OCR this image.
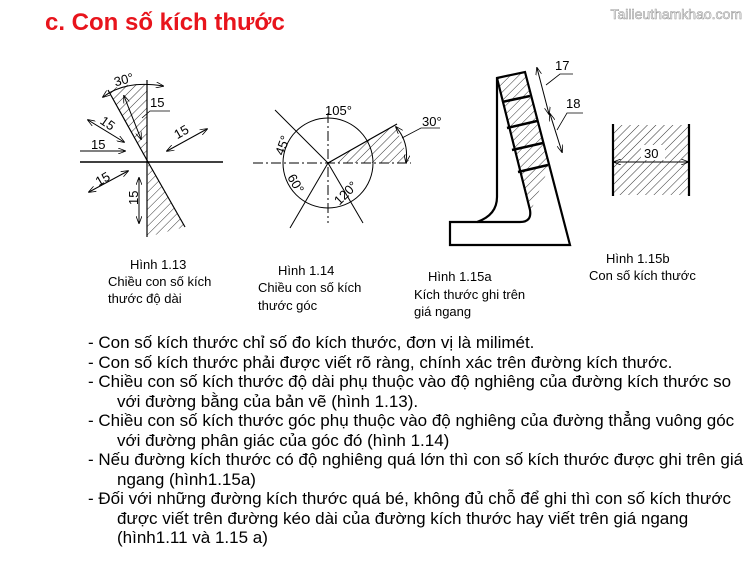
c. Con số kích thước	Tailieuthamkhao.com
30°
15
15	15
15
15
15
105°
45°
60° 120°
30°
17
18
30
Hình 1.13
Chiều con số kích
thước độ dài
Hình 1.14
Chiều con số kích
thước góc
Hình 1.15a
Kích thước ghi trên
giá ngang
Hình 1.15b
Con số kích thước
- Con số kích thước chỉ số đo kích thước, đơn vị là milimét.
- Con số kích thước phải được viết rõ ràng, chính xác trên đường kích thước.
- Chiều con số kích thước độ dài phụ thuộc vào độ nghiêng của đường kích thước so với đường bằng của bản vẽ (hình 1.13).
- Chiều con số kích thước góc phụ thuộc vào độ nghiêng của đường thẳng vuông góc với đường phân giác của góc đó (hình 1.14)
- Nếu đường kích thước có độ nghiêng quá lớn thì con số kích thước được ghi trên giá ngang (hình1.15a)
- Đối với những đường kích thước quá bé, không đủ chỗ để ghi thì con số kích thước được viết trên đường kéo dài của đường kích thước hay viết trên giá ngang (hình1.11 và 1.15 a)
